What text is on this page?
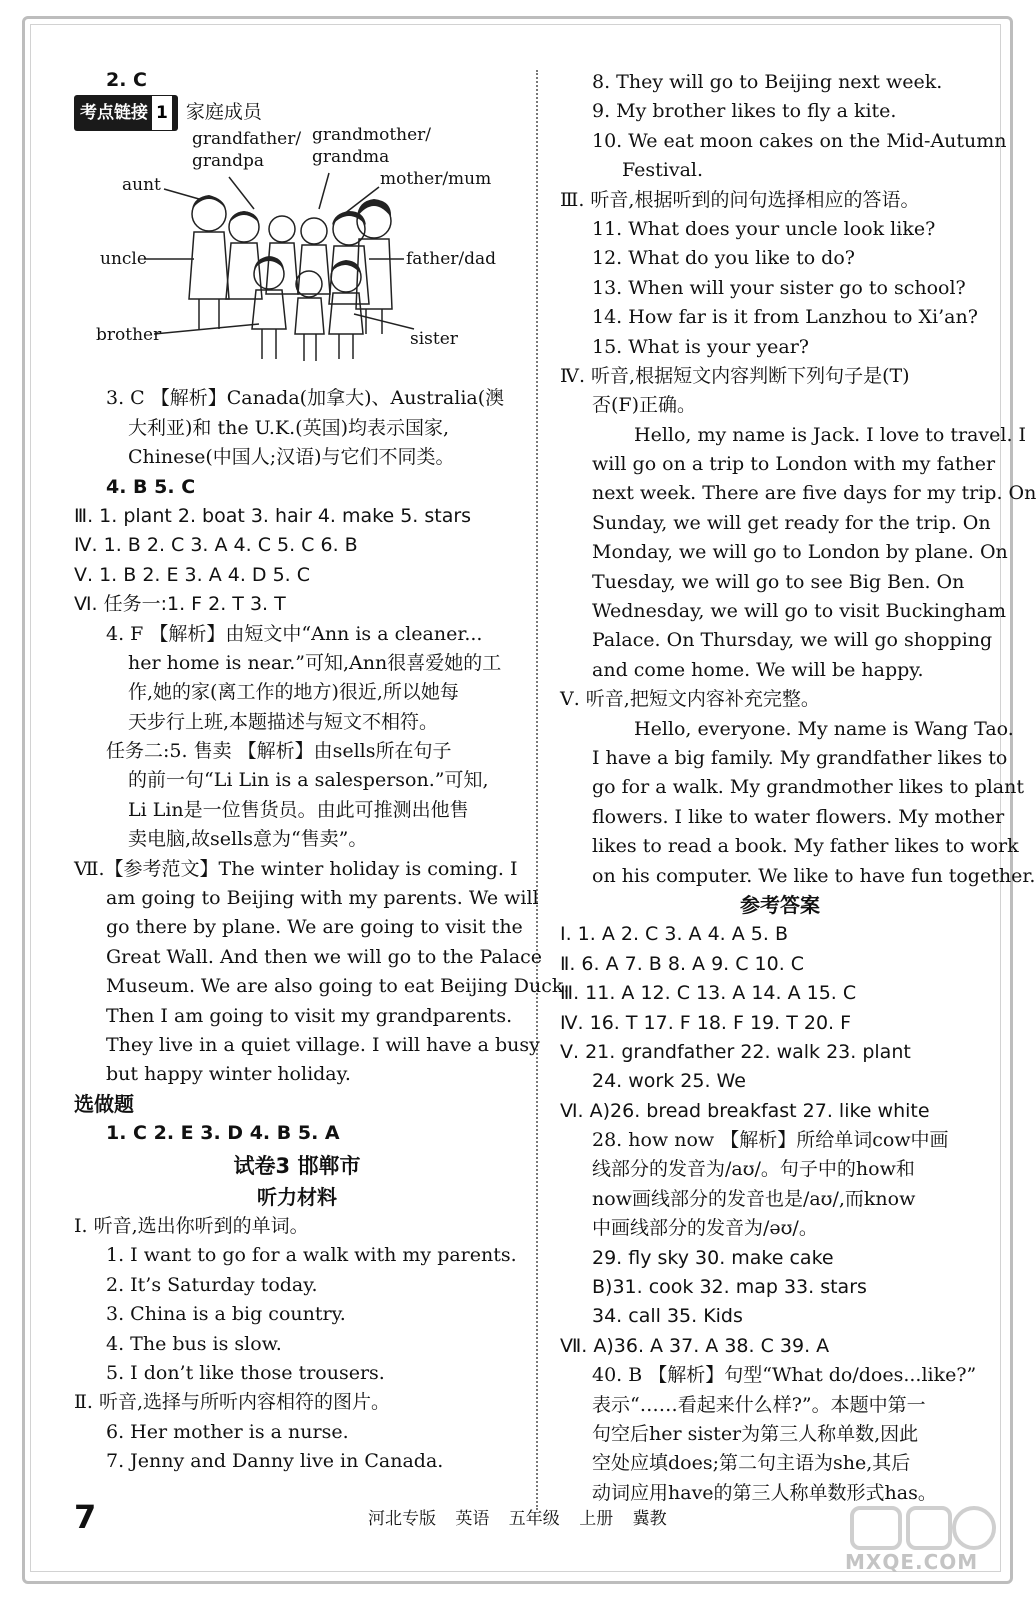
2. C
考点链接 1 家庭成员
grandfather/
grandpa
grandmother/
grandma
aunt	mother/mum
uncle	father/dad
brother	sister
3. C 【解析】Canada(加拿大)、Australia(澳
大利亚)和 the U.K.(英国)均表示国家,
Chinese(中国人;汉语)与它们不同类。
4. B 5. C
Ⅲ. 1. plant 2. boat 3. hair 4. make 5. stars
Ⅳ. 1. B 2. C 3. A 4. C 5. C 6. B
Ⅴ. 1. B 2. E 3. A 4. D 5. C
Ⅵ. 任务一:1. F 2. T 3. T
4. F 【解析】由短文中“Ann is a cleaner...
her home is near.”可知,Ann很喜爱她的工
作,她的家(离工作的地方)很近,所以她每
天步行上班,本题描述与短文不相符。
任务二:5. 售卖 【解析】由sells所在句子
的前一句“Li Lin is a salesperson.”可知,
Li Lin是一位售货员。由此可推测出他售
卖电脑,故sells意为“售卖”。
Ⅶ.【参考范文】The winter holiday is coming. I
am going to Beijing with my parents. We will
go there by plane. We are going to visit the
Great Wall. And then we will go to the Palace
Museum. We are also going to eat Beijing Duck.
Then I am going to visit my grandparents.
They live in a quiet village. I will have a busy
but happy winter holiday.
选做题
1. C 2. E 3. D 4. B 5. A
试卷3 邯郸市
听力材料
Ⅰ. 听音,选出你听到的单词。
1. I want to go for a walk with my parents.
2. It’s Saturday today.
3. China is a big country.
4. The bus is slow.
5. I don’t like those trousers.
Ⅱ. 听音,选择与所听内容相符的图片。
6. Her mother is a nurse.
7. Jenny and Danny live in Canada.
8. They will go to Beijing next week.
9. My brother likes to fly a kite.
10. We eat moon cakes on the Mid-Autumn
Festival.
Ⅲ. 听音,根据听到的问句选择相应的答语。
11. What does your uncle look like?
12. What do you like to do?
13. When will your sister go to school?
14. How far is it from Lanzhou to Xi’an?
15. What is your year?
Ⅳ. 听音,根据短文内容判断下列句子是(T)
否(F)正确。
Hello, my name is Jack. I love to travel. I
will go on a trip to London with my father
next week. There are five days for my trip. On
Sunday, we will get ready for the trip. On
Monday, we will go to London by plane. On
Tuesday, we will go to see Big Ben. On
Wednesday, we will go to visit Buckingham
Palace. On Thursday, we will go shopping
and come home. We will be happy.
Ⅴ. 听音,把短文内容补充完整。
Hello, everyone. My name is Wang Tao.
I have a big family. My grandfather likes to
go for a walk. My grandmother likes to plant
flowers. I like to water flowers. My mother
likes to read a book. My father likes to work
on his computer. We like to have fun together.
参考答案
Ⅰ. 1. A 2. C 3. A 4. A 5. B
Ⅱ. 6. A 7. B 8. A 9. C 10. C
Ⅲ. 11. A 12. C 13. A 14. A 15. C
Ⅳ. 16. T 17. F 18. F 19. T 20. F
Ⅴ. 21. grandfather 22. walk 23. plant
24. work 25. We
Ⅵ. A)26. bread breakfast 27. like white
28. how now 【解析】所给单词cow中画
线部分的发音为/aʊ/。句子中的how和
now画线部分的发音也是/aʊ/,而know
中画线部分的发音为/əʊ/。
29. fly sky 30. make cake
B)31. cook 32. map 33. stars
34. call 35. Kids
Ⅶ. A)36. A 37. A 38. C 39. A
40. B 【解析】句型“What do/does...like?”
表示“……看起来什么样?”。本题中第一
句空后her sister为第三人称单数,因此
空处应填does;第二句主语为she,其后
动词应用have的第三人称单数形式has。
7	河北专版 英语 五年级 上册 冀教
MXQE.COM
